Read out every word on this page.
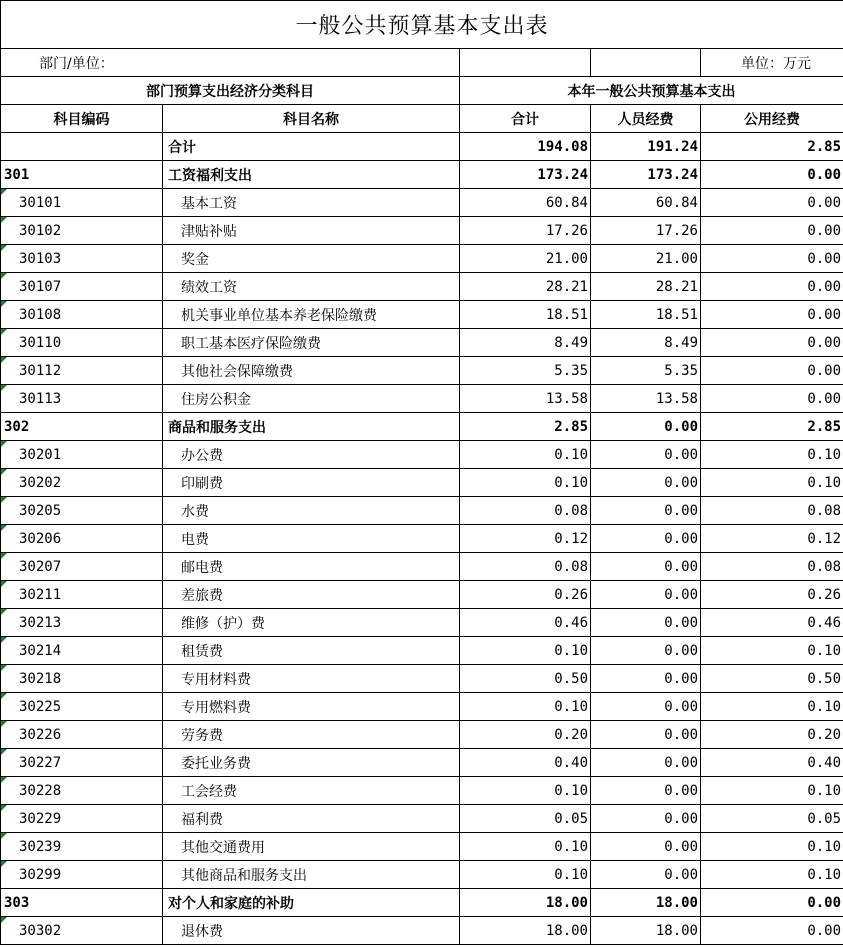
一般公共预算基本支出表				
部门/单位：				单位：万元
部门预算支出经济分类科目		本年一般公共预算基本支出		
科目编码	科目名称	合计	人员经费	公用经费
	合计	194.08	191.24	2.85
301	工资福利支出	173.24	173.24	0.00
30101	基本工资	60.84	60.84	0.00
30102	津贴补贴	17.26	17.26	0.00
30103	奖金	21.00	21.00	0.00
30107	绩效工资	28.21	28.21	0.00
30108	机关事业单位基本养老保险缴费	18.51	18.51	0.00
30110	职工基本医疗保险缴费	8.49	8.49	0.00
30112	其他社会保障缴费	5.35	5.35	0.00
30113	住房公积金	13.58	13.58	0.00
302	商品和服务支出	2.85	0.00	2.85
30201	办公费	0.10	0.00	0.10
30202	印刷费	0.10	0.00	0.10
30205	水费	0.08	0.00	0.08
30206	电费	0.12	0.00	0.12
30207	邮电费	0.08	0.00	0.08
30211	差旅费	0.26	0.00	0.26
30213	维修（护）费	0.46	0.00	0.46
30214	租赁费	0.10	0.00	0.10
30218	专用材料费	0.50	0.00	0.50
30225	专用燃料费	0.10	0.00	0.10
30226	劳务费	0.20	0.00	0.20
30227	委托业务费	0.40	0.00	0.40
30228	工会经费	0.10	0.00	0.10
30229	福利费	0.05	0.00	0.05
30239	其他交通费用	0.10	0.00	0.10
30299	其他商品和服务支出	0.10	0.00	0.10
303	对个人和家庭的补助	18.00	18.00	0.00
30302	退休费	18.00	18.00	0.00
